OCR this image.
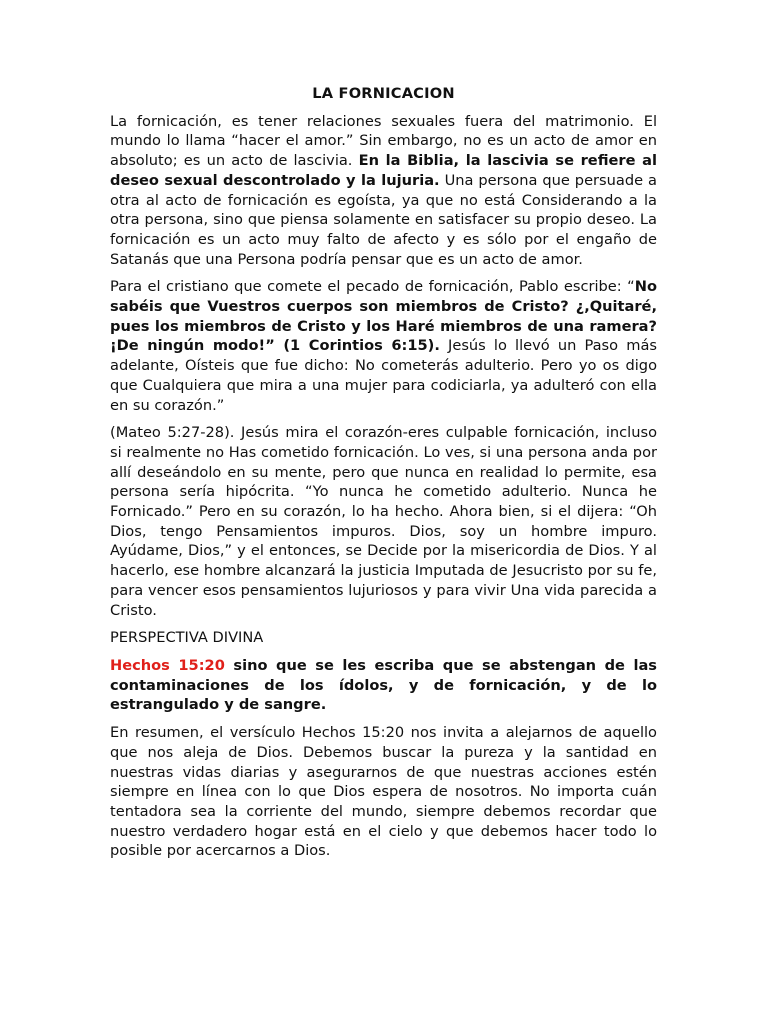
LA FORNICACION

La fornicación, es tener relaciones sexuales fuera del matrimonio. El mundo lo llama “hacer el amor.” Sin embargo, no es un acto de amor en absoluto; es un acto de lascivia. En la Biblia, la lascivia se refiere al deseo sexual descontrolado y la lujuria. Una persona que persuade a otra al acto de fornicación es egoísta, ya que no está Considerando a la otra persona, sino que piensa solamente en satisfacer su propio deseo. La fornicación es un acto muy falto de afecto y es sólo por el engaño de Satanás que una Persona podría pensar que es un acto de amor.

Para el cristiano que comete el pecado de fornicación, Pablo escribe: “No sabéis que Vuestros cuerpos son miembros de Cristo? ¿,Quitaré, pues los miembros de Cristo y los Haré miembros de una ramera? ¡De ningún modo!” (1 Corintios 6:15). Jesús lo llevó un Paso más adelante, Oísteis que fue dicho: No cometerás adulterio. Pero yo os digo que Cualquiera que mira a una mujer para codiciarla, ya adulteró con ella en su corazón.”

(Mateo 5:27-28). Jesús mira el corazón-eres culpable fornicación, incluso si realmente no Has cometido fornicación. Lo ves, si una persona anda por allí deseándolo en su mente, pero que nunca en realidad lo permite, esa persona sería hipócrita. “Yo nunca he cometido adulterio. Nunca he Fornicado.” Pero en su corazón, lo ha hecho. Ahora bien, si el dijera: “Oh Dios, tengo Pensamientos impuros. Dios, soy un hombre impuro. Ayúdame, Dios,” y el entonces, se Decide por la misericordia de Dios. Y al hacerlo, ese hombre alcanzará la justicia Imputada de Jesucristo por su fe, para vencer esos pensamientos lujuriosos y para vivir Una vida parecida a Cristo.

PERSPECTIVA DIVINA

Hechos 15:20 sino que se les escriba que se abstengan de las contaminaciones de los ídolos, y de fornicación, y de lo estrangulado y de sangre.

En resumen, el versículo Hechos 15:20 nos invita a alejarnos de aquello que nos aleja de Dios. Debemos buscar la pureza y la santidad en nuestras vidas diarias y asegurarnos de que nuestras acciones estén siempre en línea con lo que Dios espera de nosotros. No importa cuán tentadora sea la corriente del mundo, siempre debemos recordar que nuestro verdadero hogar está en el cielo y que debemos hacer todo lo posible por acercarnos a Dios.
